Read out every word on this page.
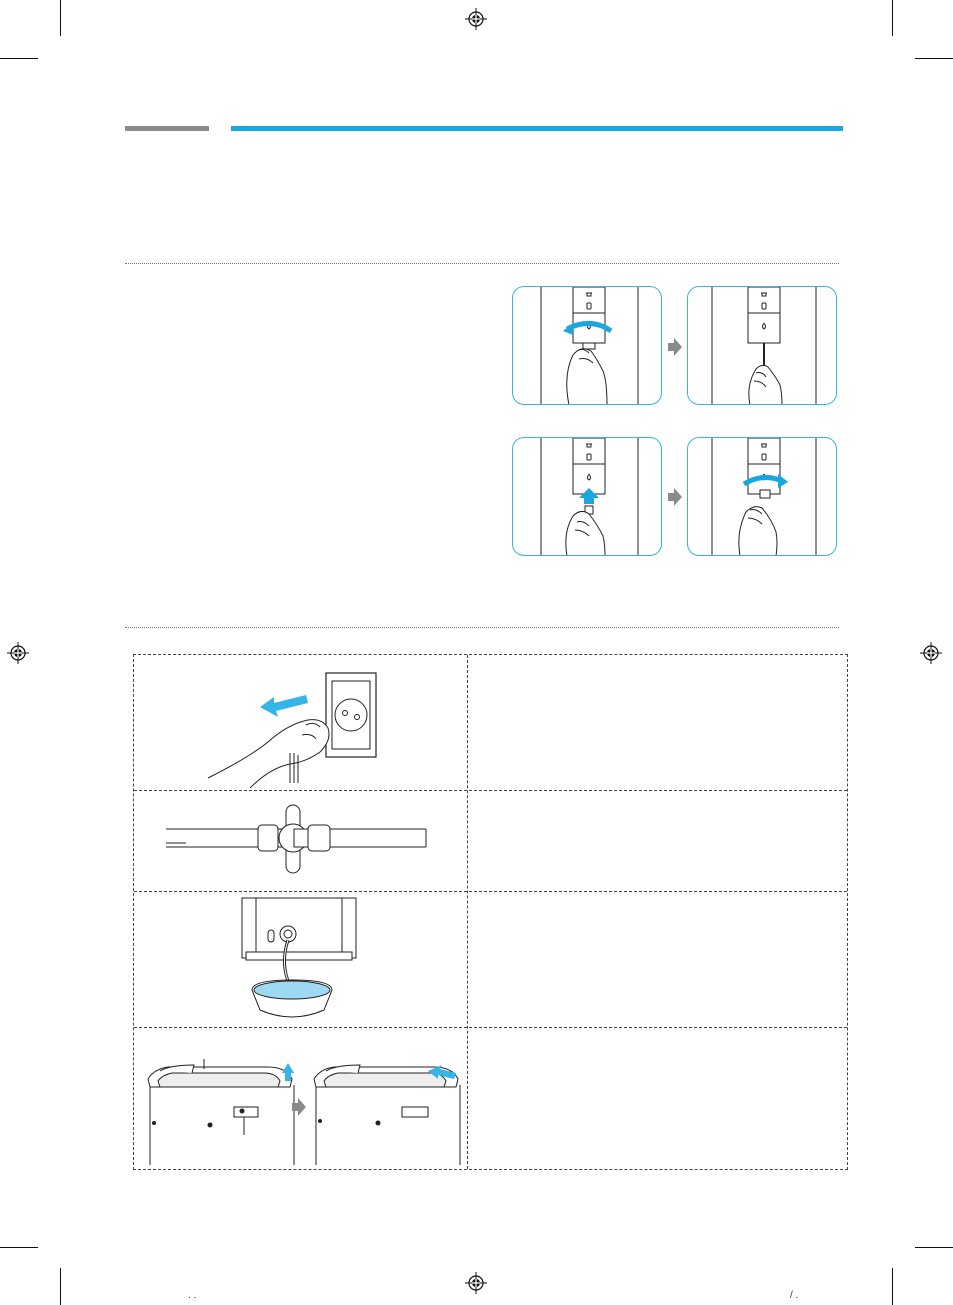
. .	/ .
